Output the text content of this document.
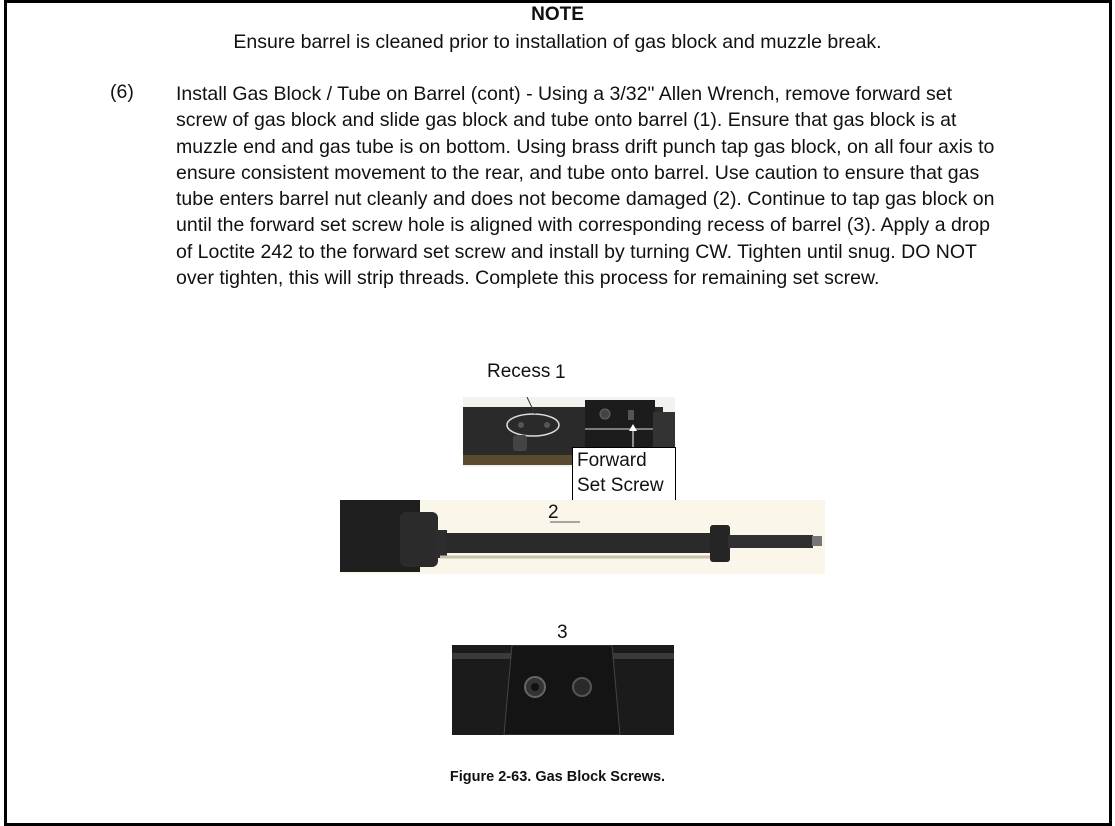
NOTE
Ensure barrel is cleaned prior to installation of gas block and muzzle break.
(6) Install Gas Block / Tube on Barrel (cont) - Using a 3/32" Allen Wrench, remove forward set
screw of gas block and slide gas block and tube onto barrel (1). Ensure that gas block is at
muzzle end and gas tube is on bottom. Using brass drift punch tap gas block, on all four axis to
ensure consistent movement to the rear, and tube onto barrel. Use caution to ensure that gas
tube enters barrel nut cleanly and does not become damaged (2). Continue to tap gas block on
until the forward set screw hole is aligned with corresponding recess of barrel (3). Apply a drop
of Loctite 242 to the forward set screw and install by turning CW. Tighten until snug. DO NOT
over tighten, this will strip threads. Complete this process for remaining set screw.
1
Recess
Forward
Set Screw
2
3
Figure 2-63. Gas Block Screws.
